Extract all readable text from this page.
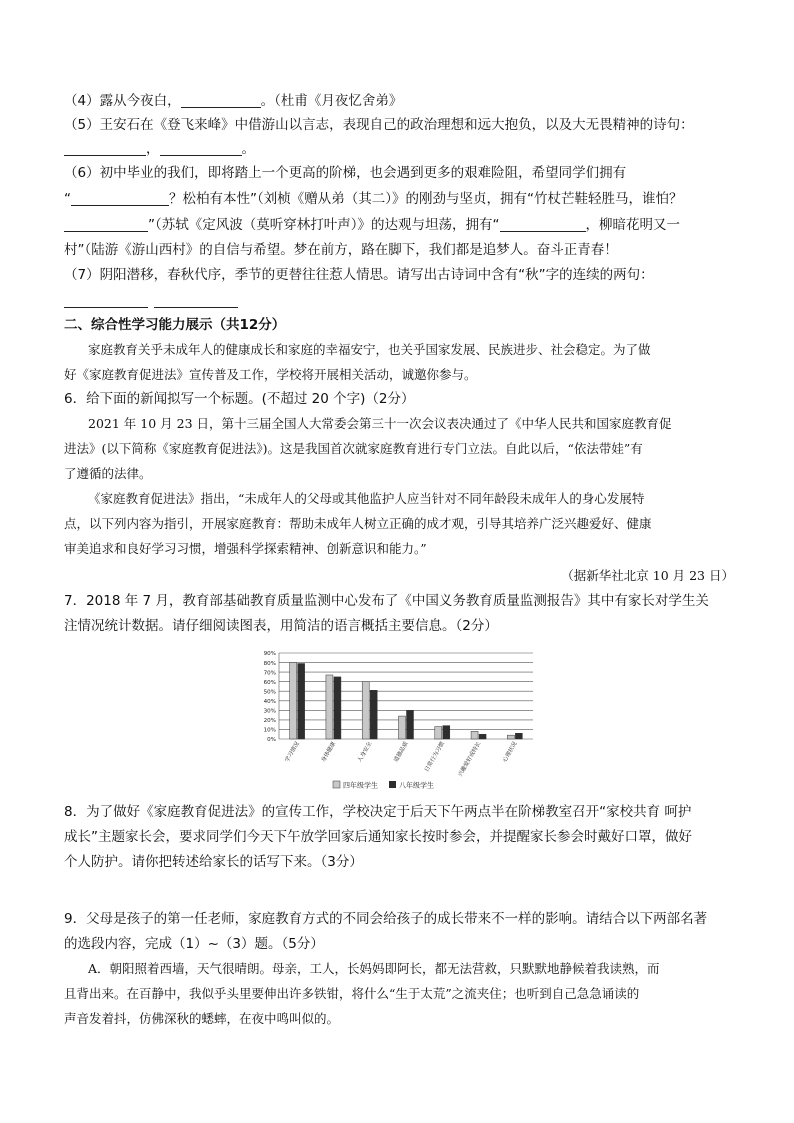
（4）露从今夜白，	。（杜甫《月夜忆舍弟》
（5）王安石在《登飞来峰》中借游山以言志，表现自己的政治理想和远大抱负，以及大无畏精神的诗句：
，	。
（6）初中毕业的我们，即将踏上一个更高的阶梯，也会遇到更多的艰难险阻，希望同学们拥有
“	？松柏有本性”（刘桢《赠从弟（其二）》的刚劲与坚贞，拥有“竹杖芒鞋轻胜马，谁怕？
”（苏轼《定风波（莫听穿林打叶声）》的达观与坦荡，拥有“	，柳暗花明又一
村”（陆游《游山西村》的自信与希望。梦在前方，路在脚下，我们都是追梦人。奋斗正青春！
（7）阴阳潜移，春秋代序，季节的更替往往惹人情思。请写出古诗词中含有“秋”字的连续的两句：
二、综合性学习能力展示（共12分）
家庭教育关乎未成年人的健康成长和家庭的幸福安宁，也关乎国家发展、民族进步、社会稳定。为了做
好《家庭教育促进法》宣传普及工作，学校将开展相关活动，诚邀你参与。
6．给下面的新闻拟写一个标题。(不超过 20 个字)（2分）
2021 年 10 月 23 日，第十三届全国人大常委会第三十一次会议表决通过了《中华人民共和国家庭教育促
进法》(以下简称《家庭教育促进法》)。这是我国首次就家庭教育进行专门立法。自此以后，“依法带娃”有
了遵循的法律。
《家庭教育促进法》指出，“未成年人的父母或其他监护人应当针对不同年龄段未成年人的身心发展特
点，以下列内容为指引，开展家庭教育：帮助未成年人树立正确的成才观，引导其培养广泛兴趣爱好、健康
审美追求和良好学习习惯，增强科学探索精神、创新意识和能力。”
（据新华社北京 10 月 23 日）
7．2018 年 7 月，教育部基础教育质量监测中心发布了《中国义务教育质量监测报告》其中有家长对学生关
注情况统计数据。请仔细阅读图表，用简洁的语言概括主要信息。（2分）
0%
10%
20%
30%
40%
50%
60%
70%
80%
90%
学习情况	身体健康	人身安全	道德品质	日常行为习惯	兴趣爱好或特长	心理状况
四年级学生	八年级学生
8．为了做好《家庭教育促进法》的宣传工作，学校决定于后天下午两点半在阶梯教室召开“家校共育 呵护
成长”主题家长会，要求同学们今天下午放学回家后通知家长按时参会，并提醒家长参会时戴好口罩，做好
个人防护。请你把转述给家长的话写下来。（3分）
9．父母是孩子的第一任老师，家庭教育方式的不同会给孩子的成长带来不一样的影响。请结合以下两部名著
的选段内容，完成（1）~（3）题。（5分）
A．朝阳照着西墙，天气很晴朗。母亲，工人，长妈妈即阿长，都无法营救，只默默地静候着我读熟，而
且背出来。在百静中，我似乎头里要伸出许多铁钳，将什么“生于太荒”之流夹住；也听到自己急急诵读的
声音发着抖，仿佛深秋的蟋蟀，在夜中鸣叫似的。
